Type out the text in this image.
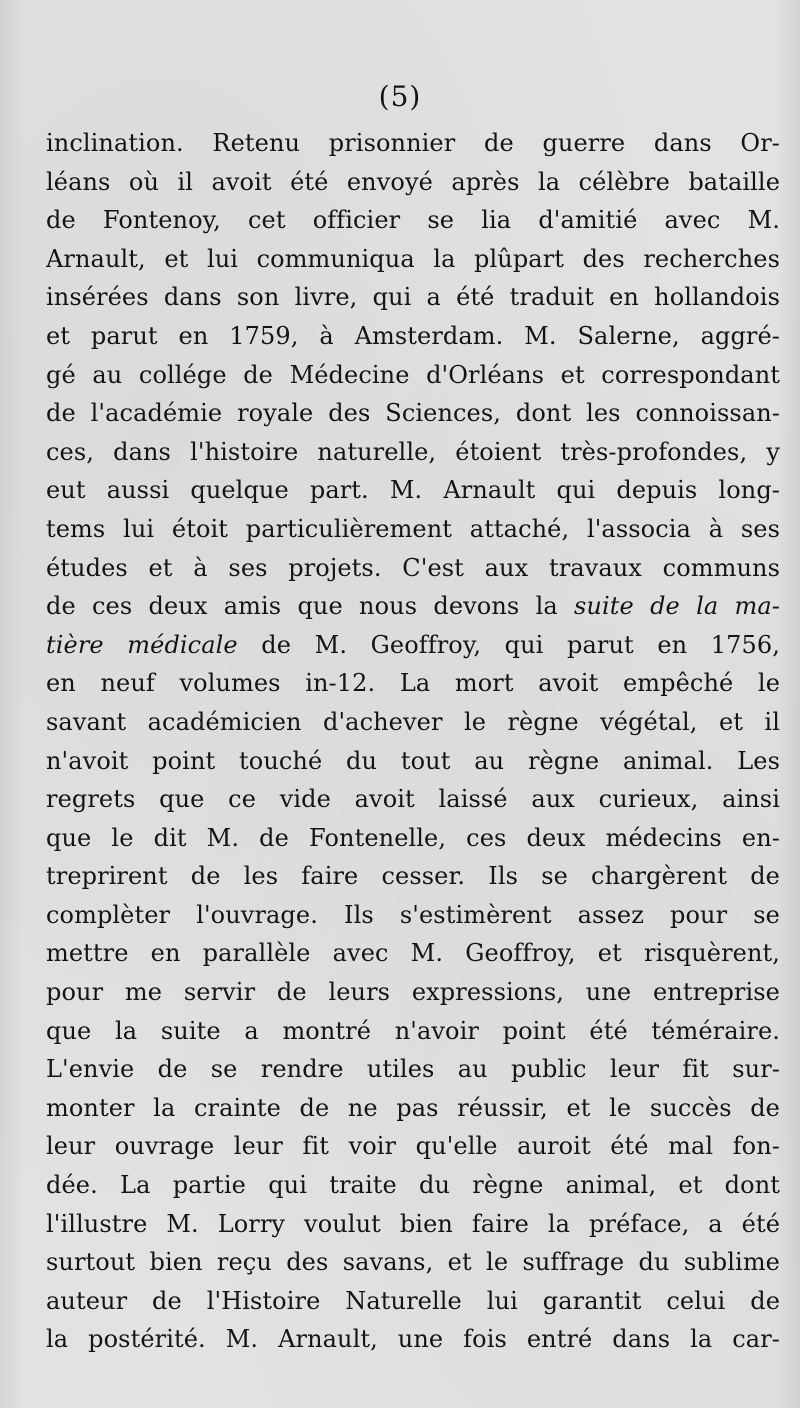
(5)
inclination. Retenu prisonnier de guerre dans Or-
léans où il avoit été envoyé après la célèbre bataille
de Fontenoy, cet officier se lia d'amitié avec M.
Arnault, et lui communiqua la plûpart des recherches
insérées dans son livre, qui a été traduit en hollandois
et parut en 1759, à Amsterdam. M. Salerne, aggré-
gé au collége de Médecine d'Orléans et correspondant
de l'académie royale des Sciences, dont les connoissan-
ces, dans l'histoire naturelle, étoient très-profondes, y
eut aussi quelque part. M. Arnault qui depuis long-
tems lui étoit particulièrement attaché, l'associa à ses
études et à ses projets. C'est aux travaux communs
de ces deux amis que nous devons la suite de la ma-
tière médicale de M. Geoffroy, qui parut en 1756,
en neuf volumes in-12. La mort avoit empêché le
savant académicien d'achever le règne végétal, et il
n'avoit point touché du tout au règne animal. Les
regrets que ce vide avoit laissé aux curieux, ainsi
que le dit M. de Fontenelle, ces deux médecins en-
treprirent de les faire cesser. Ils se chargèrent de
complèter l'ouvrage. Ils s'estimèrent assez pour se
mettre en parallèle avec M. Geoffroy, et risquèrent,
pour me servir de leurs expressions, une entreprise
que la suite a montré n'avoir point été téméraire.
L'envie de se rendre utiles au public leur fit sur-
monter la crainte de ne pas réussir, et le succès de
leur ouvrage leur fit voir qu'elle auroit été mal fon-
dée. La partie qui traite du règne animal, et dont
l'illustre M. Lorry voulut bien faire la préface, a été
surtout bien reçu des savans, et le suffrage du sublime
auteur de l'Histoire Naturelle lui garantit celui de
la postérité. M. Arnault, une fois entré dans la car-
